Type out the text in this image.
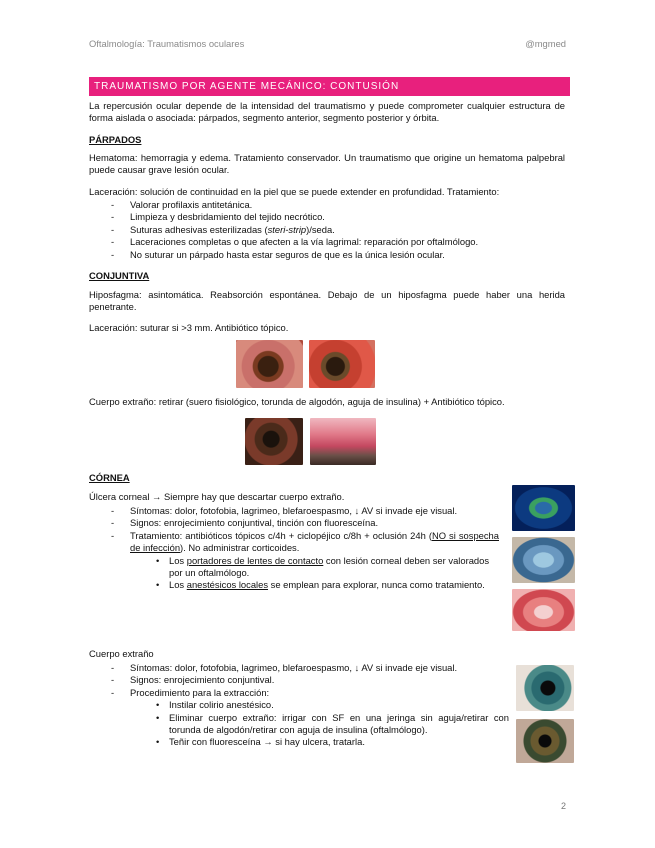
Oftalmología: Traumatismos oculares	@mgmed
TRAUMATISMO POR AGENTE MECÁNICO: CONTUSIÓN
La repercusión ocular depende de la intensidad del traumatismo y puede comprometer cualquier estructura de forma aislada o asociada: párpados, segmento anterior, segmento posterior y órbita.
PÁRPADOS
Hematoma: hemorragia y edema. Tratamiento conservador. Un traumatismo que origine un hematoma palpebral puede causar grave lesión ocular.
Laceración: solución de continuidad en la piel que se puede extender en profundidad. Tratamiento:
- Valorar profilaxis antitetánica.
- Limpieza y desbridamiento del tejido necrótico.
- Suturas adhesivas esterilizadas (steri-strip)/seda.
- Laceraciones completas o que afecten a la vía lagrimal: reparación por oftalmólogo.
- No suturar un párpado hasta estar seguros de que es la única lesión ocular.
CONJUNTIVA
Hiposfagma: asintomática. Reabsorción espontánea. Debajo de un hiposfagma puede haber una herida penetrante.
Laceración: suturar si >3 mm. Antibiótico tópico.
Cuerpo extraño: retirar (suero fisiológico, torunda de algodón, aguja de insulina) + Antibiótico tópico.
CÓRNEA
Úlcera corneal → Siempre hay que descartar cuerpo extraño.
- Síntomas: dolor, fotofobia, lagrimeo, blefaroespasmo, ↓ AV si invade eje visual.
- Signos: enrojecimiento conjuntival, tinción con fluoresceína.
- Tratamiento: antibióticos tópicos c/4h + ciclopéjico c/8h + oclusión 24h (NO si sospecha de infección). No administrar corticoides.
• Los portadores de lentes de contacto con lesión corneal deben ser valorados por un oftalmólogo.
• Los anestésicos locales se emplean para explorar, nunca como tratamiento.
Cuerpo extraño
- Síntomas: dolor, fotofobia, lagrimeo, blefaroespasmo, ↓ AV si invade eje visual.
- Signos: enrojecimiento conjuntival.
- Procedimiento para la extracción:
• Instilar colirio anestésico.
• Eliminar cuerpo extraño: irrigar con SF en una jeringa sin aguja/retirar con torunda de algodón/retirar con aguja de insulina (oftalmólogo).
• Teñir con fluoresceína → si hay ulcera, tratarla.
2
